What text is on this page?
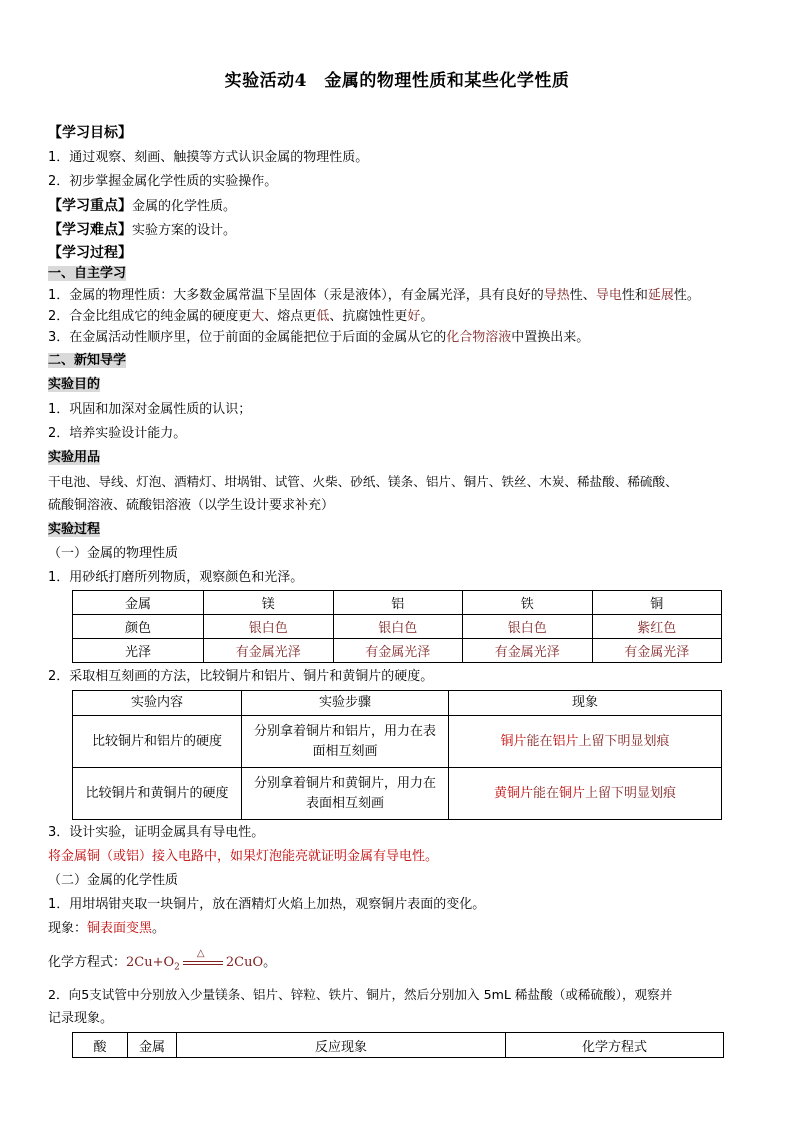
实验活动4　金属的物理性质和某些化学性质
【学习目标】
1．通过观察、刻画、触摸等方式认识金属的物理性质。
2．初步掌握金属化学性质的实验操作。
【学习重点】金属的化学性质。
【学习难点】实验方案的设计。
【学习过程】
一、自主学习
1．金属的物理性质：大多数金属常温下呈固体（汞是液体），有金属光泽，具有良好的导热性、导电性和延展性。
2．合金比组成它的纯金属的硬度更大、熔点更低、抗腐蚀性更好。
3．在金属活动性顺序里，位于前面的金属能把位于后面的金属从它的化合物溶液中置换出来。
二、新知导学
实验目的
1．巩固和加深对金属性质的认识；
2．培养实验设计能力。
实验用品
干电池、导线、灯泡、酒精灯、坩埚钳、试管、火柴、砂纸、镁条、铝片、铜片、铁丝、木炭、稀盐酸、稀硫酸、
硫酸铜溶液、硫酸铝溶液（以学生设计要求补充）
实验过程
（一）金属的物理性质
1．用砂纸打磨所列物质，观察颜色和光泽。
金属	镁	铝	铁	铜
颜色	银白色	银白色	银白色	紫红色
光泽	有金属光泽	有金属光泽	有金属光泽	有金属光泽
2．采取相互刻画的方法，比较铜片和铝片、铜片和黄铜片的硬度。
实验内容	实验步骤	现象
比较铜片和铝片的硬度	分别拿着铜片和铝片，用力在表
面相互刻画	铜片能在铝片上留下明显划痕
比较铜片和黄铜片的硬度	分别拿着铜片和黄铜片，用力在
表面相互刻画	黄铜片能在铜片上留下明显划痕
3．设计实验，证明金属具有导电性。
将金属铜（或铝）接入电路中，如果灯泡能亮就证明金属有导电性。
（二）金属的化学性质
1．用坩埚钳夹取一块铜片，放在酒精灯火焰上加热，观察铜片表面的变化。
现象：铜表面变黑。
化学方程式：$2Cu+O_2$
△
2CuO。
2．向5支试管中分别放入少量镁条、铝片、锌粒、铁片、铜片，然后分别加入 5mL 稀盐酸（或稀硫酸），观察并
记录现象。
酸	金属	反应现象	化学方程式
